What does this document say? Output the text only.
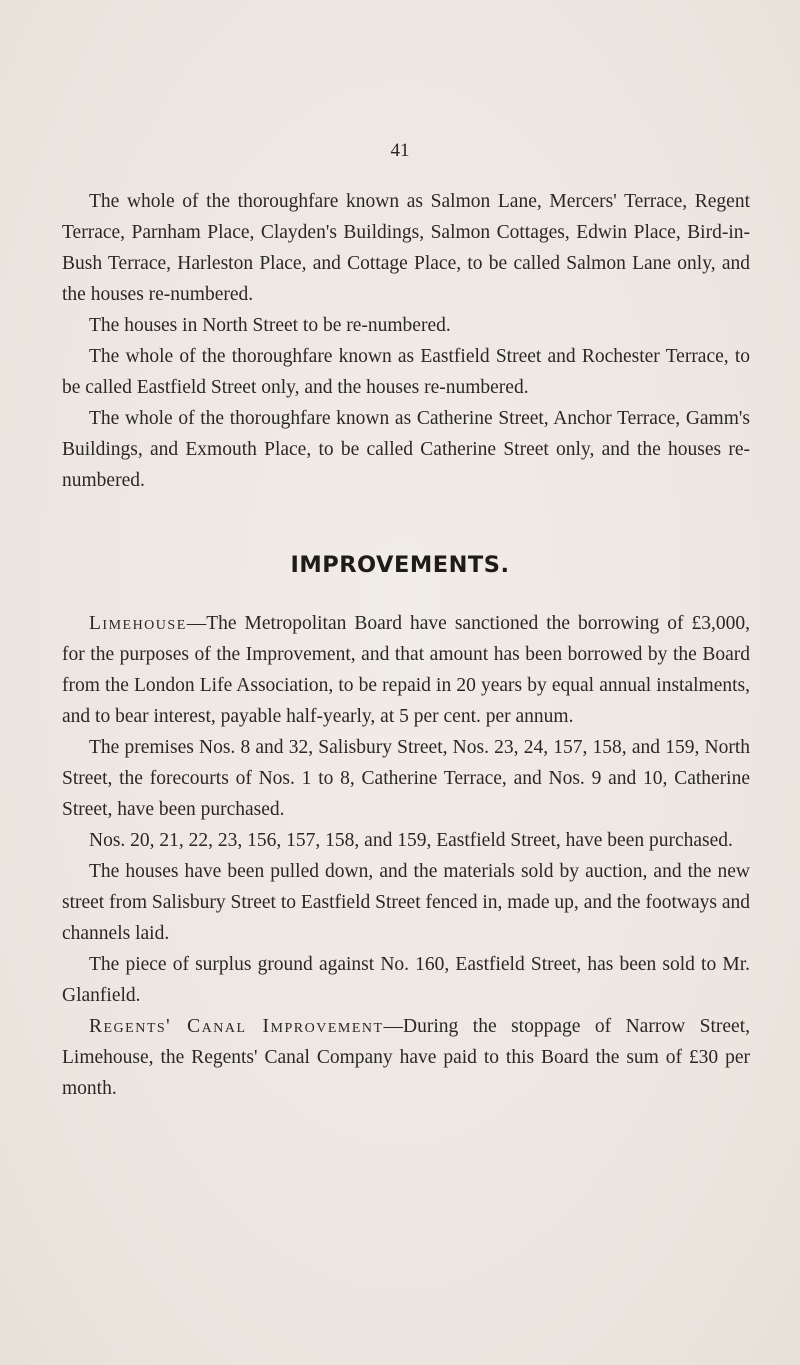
41

The whole of the thoroughfare known as Salmon Lane, Mercers' Terrace, Regent Terrace, Parnham Place, Clayden's Buildings, Salmon Cottages, Edwin Place, Bird-in-Bush Terrace, Harleston Place, and Cottage Place, to be called Salmon Lane only, and the houses re-numbered.

The houses in North Street to be re-numbered.

The whole of the thoroughfare known as Eastfield Street and Rochester Terrace, to be called Eastfield Street only, and the houses re-numbered.

The whole of the thoroughfare known as Catherine Street, Anchor Terrace, Gamm's Buildings, and Exmouth Place, to be called Catherine Street only, and the houses re-numbered.

IMPROVEMENTS.

Limehouse—The Metropolitan Board have sanctioned the borrowing of £3,000, for the purposes of the Improvement, and that amount has been borrowed by the Board from the London Life Association, to be repaid in 20 years by equal annual instalments, and to bear interest, payable half-yearly, at 5 per cent. per annum.

The premises Nos. 8 and 32, Salisbury Street, Nos. 23, 24, 157, 158, and 159, North Street, the forecourts of Nos. 1 to 8, Catherine Terrace, and Nos. 9 and 10, Catherine Street, have been purchased.

Nos. 20, 21, 22, 23, 156, 157, 158, and 159, Eastfield Street, have been purchased.

The houses have been pulled down, and the materials sold by auction, and the new street from Salisbury Street to Eastfield Street fenced in, made up, and the footways and channels laid.

The piece of surplus ground against No. 160, Eastfield Street, has been sold to Mr. Glanfield.

Regents' Canal Improvement—During the stoppage of Narrow Street, Limehouse, the Regents' Canal Company have paid to this Board the sum of £30 per month.
